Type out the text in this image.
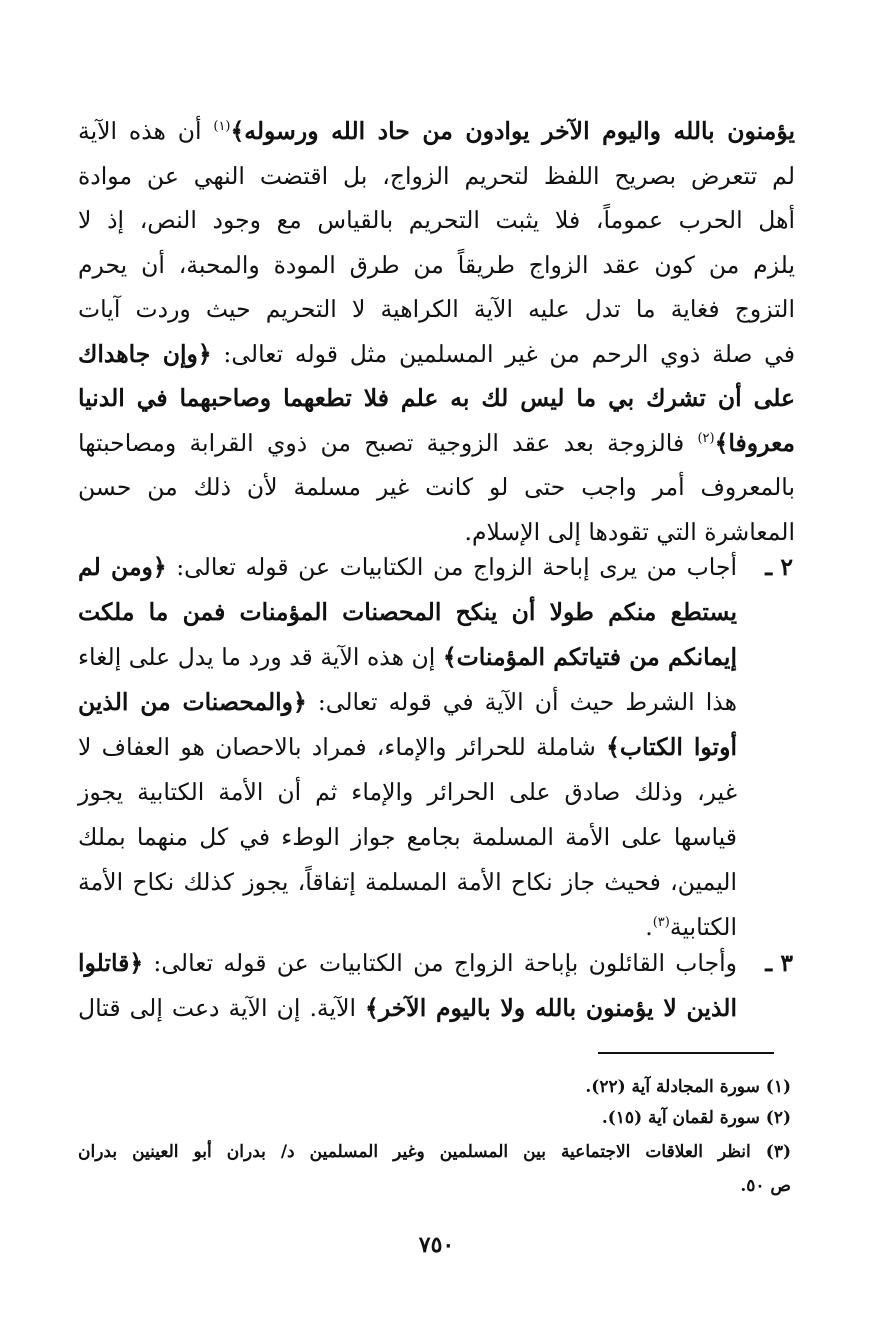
يؤمنون بالله واليوم الآخر يوادون من حاد الله ورسوله﴾$^{(١)}$ أن هذه الآية
لم تتعرض بصريح اللفظ لتحريم الزواج، بل اقتضت النهي عن موادة
أهل الحرب عموماً، فلا يثبت التحريم بالقياس مع وجود النص، إذ لا
يلزم من كون عقد الزواج طريقاً من طرق المودة والمحبة، أن يحرم
التزوج فغاية ما تدل عليه الآية الكراهية لا التحريم حيث وردت آيات
في صلة ذوي الرحم من غير المسلمين مثل قوله تعالى: ﴿وإن جاهداك
على أن تشرك بي ما ليس لك به علم فلا تطعهما وصاحبهما في الدنيا
معروفا﴾$^{(٢)}$ فالزوجة بعد عقد الزوجية تصبح من ذوي القرابة ومصاحبتها
بالمعروف أمر واجب حتى لو كانت غير مسلمة لأن ذلك من حسن
المعاشرة التي تقودها إلى الإسلام.
٢ ـ
أجاب من يرى إباحة الزواج من الكتابيات عن قوله تعالى: ﴿ومن لم
يستطع منكم طولا أن ينكح المحصنات المؤمنات فمن ما ملكت
إيمانكم من فتياتكم المؤمنات﴾ إن هذه الآية قد ورد ما يدل على إلغاء
هذا الشرط حيث أن الآية في قوله تعالى: ﴿والمحصنات من الذين
أوتوا الكتاب﴾ شاملة للحرائر والإماء، فمراد بالاحصان هو العفاف لا
غير، وذلك صادق على الحرائر والإماء ثم أن الأمة الكتابية يجوز
قياسها على الأمة المسلمة بجامع جواز الوطء في كل منهما بملك
اليمين، فحيث جاز نكاح الأمة المسلمة إتفاقاً، يجوز كذلك نكاح الأمة
الكتابية$^{(٣)}$.
٣ ـ
وأجاب القائلون بإباحة الزواج من الكتابيات عن قوله تعالى: ﴿قاتلوا
الذين لا يؤمنون بالله ولا باليوم الآخر﴾ الآية. إن الآية دعت إلى قتال
(١) سورة المجادلة آية (٢٢).
(٢) سورة لقمان آية (١٥).
(٣) انظر العلاقات الاجتماعية بين المسلمين وغير المسلمين د/ بدران أبو العينين بدران
ص ٥٠.
٧٥٠
